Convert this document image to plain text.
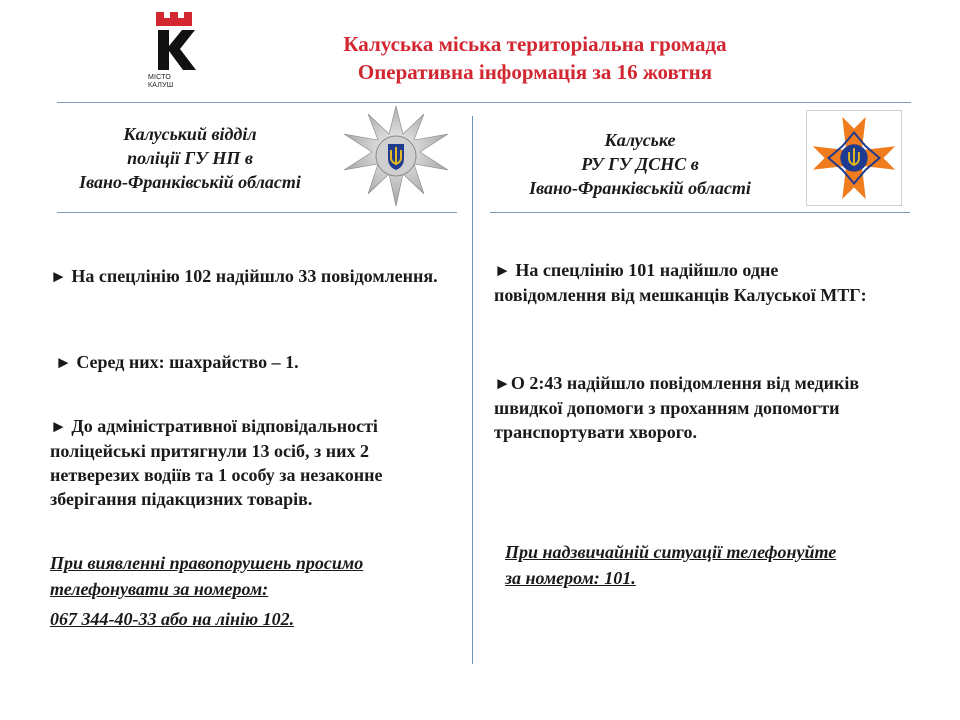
МІСТО
КАЛУШ
Калуська міська територіальна громада
Оперативна інформація за 16 жовтня
Калуський відділ
поліції ГУ НП в
Івано-Франківській області
Калуське
РУ ГУ ДСНС в
Івано-Франківській області
► На спецлінію 102 надійшло 33 повідомлення.
► Серед них: шахрайство – 1.
► До адміністративної відповідальності поліцейські притягнули 13 осіб, з них 2 нетверезих водіїв та 1 особу за незаконне зберігання підакцизних товарів.
► На спецлінію 101 надійшло одне повідомлення від мешканців Калуської МТГ:
►О 2:43 надійшло повідомлення від медиків швидкої допомоги з проханням допомогти транспортувати хворого.
При виявленні правопорушень просимо
телефонувати за номером:
067 344-40-33 або на лінію 102.
При надзвичайній ситуації телефонуйте
за номером: 101.
